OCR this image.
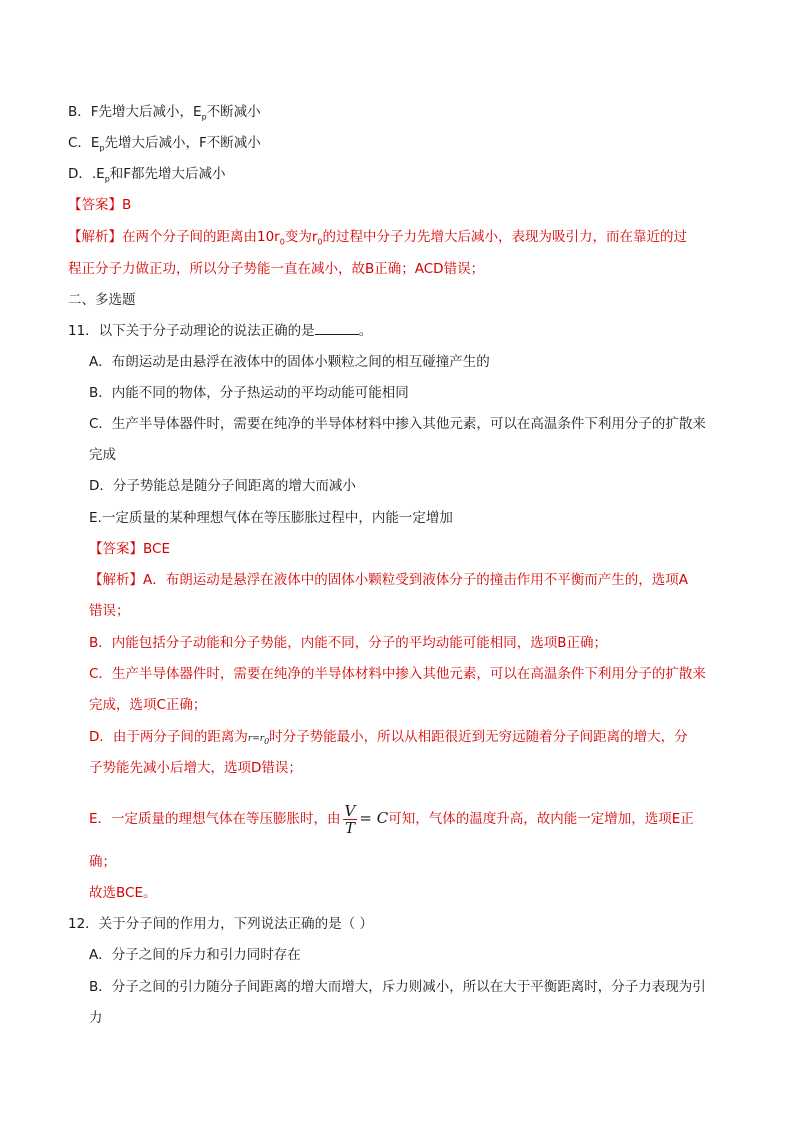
B．F先增大后减小，$E_p$不断减小
C．$E_p$先增大后减小，F不断减小
D．$.E_p$和F都先增大后减小
【答案】B
【解析】在两个分子间的距离由$10r_0$变为$r_0$的过程中分子力先增大后减小，表现为吸引力，而在靠近的过
程正分子力做正功，所以分子势能一直在减小，故B正确；ACD错误；
二、多选题
11．以下关于分子动理论的说法正确的是	。
A．布朗运动是由悬浮在液体中的固体小颗粒之间的相互碰撞产生的
B．内能不同的物体，分子热运动的平均动能可能相同
C．生产半导体器件时，需要在纯净的半导体材料中掺入其他元素，可以在高温条件下利用分子的扩散来
完成
D．分子势能总是随分子间距离的增大而减小
E.一定质量的某种理想气体在等压膨胀过程中，内能一定增加
【答案】BCE
【解析】A．布朗运动是悬浮在液体中的固体小颗粒受到液体分子的撞击作用不平衡而产生的，选项A
错误；
B．内能包括分子动能和分子势能，内能不同，分子的平均动能可能相同，选项B正确；
C．生产半导体器件时，需要在纯净的半导体材料中掺入其他元素，可以在高温条件下利用分子的扩散来
完成，选项C正确；
D．由于两分子间的距离为r=r0时分子势能最小，所以从相距很近到无穷远随着分子间距离的增大，分
子势能先减小后增大，选项D错误；
E．一定质量的理想气体在等压膨胀时，由 $\frac{V}{T} = C$可知，气体的温度升高，故内能一定增加，选项E正
确；
故选BCE。
12．关于分子间的作用力，下列说法正确的是（ ）
A．分子之间的斥力和引力同时存在
B．分子之间的引力随分子间距离的增大而增大，斥力则减小，所以在大于平衡距离时，分子力表现为引
力
